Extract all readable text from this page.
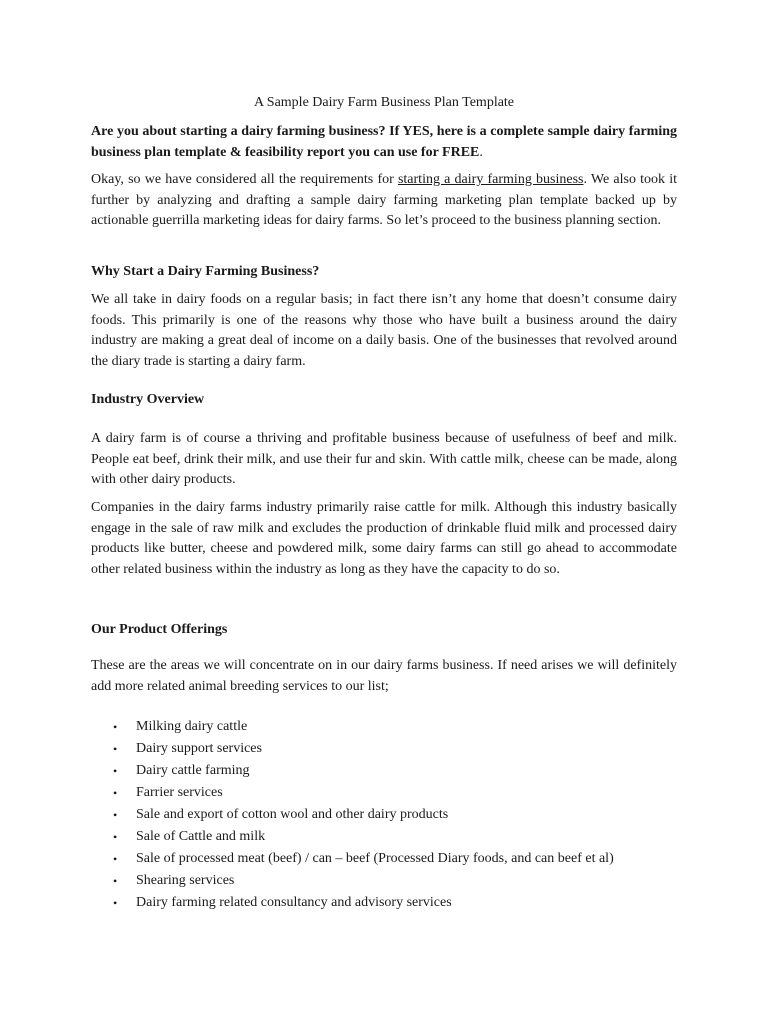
A Sample Dairy Farm Business Plan Template
Are you about starting a dairy farming business? If YES, here is a complete sample dairy farming business plan template & feasibility report you can use for FREE.

Okay, so we have considered all the requirements for starting a dairy farming business. We also took it further by analyzing and drafting a sample dairy farming marketing plan template backed up by actionable guerrilla marketing ideas for dairy farms. So let’s proceed to the business planning section.

Why Start a Dairy Farming Business?

We all take in dairy foods on a regular basis; in fact there isn’t any home that doesn’t consume dairy foods. This primarily is one of the reasons why those who have built a business around the dairy industry are making a great deal of income on a daily basis. One of the businesses that revolved around the diary trade is starting a dairy farm.

Industry Overview

A dairy farm is of course a thriving and profitable business because of usefulness of beef and milk. People eat beef, drink their milk, and use their fur and skin. With cattle milk, cheese can be made, along with other dairy products.

Companies in the dairy farms industry primarily raise cattle for milk. Although this industry basically engage in the sale of raw milk and excludes the production of drinkable fluid milk and processed dairy products like butter, cheese and powdered milk, some dairy farms can still go ahead to accommodate other related business within the industry as long as they have the capacity to do so.

Our Product Offerings

These are the areas we will concentrate on in our dairy farms business. If need arises we will definitely add more related animal breeding services to our list;

• Milking dairy cattle
• Dairy support services
• Dairy cattle farming
• Farrier services
• Sale and export of cotton wool and other dairy products
• Sale of Cattle and milk
• Sale of processed meat (beef) / can – beef (Processed Diary foods, and can beef et al)
• Shearing services
• Dairy farming related consultancy and advisory services
